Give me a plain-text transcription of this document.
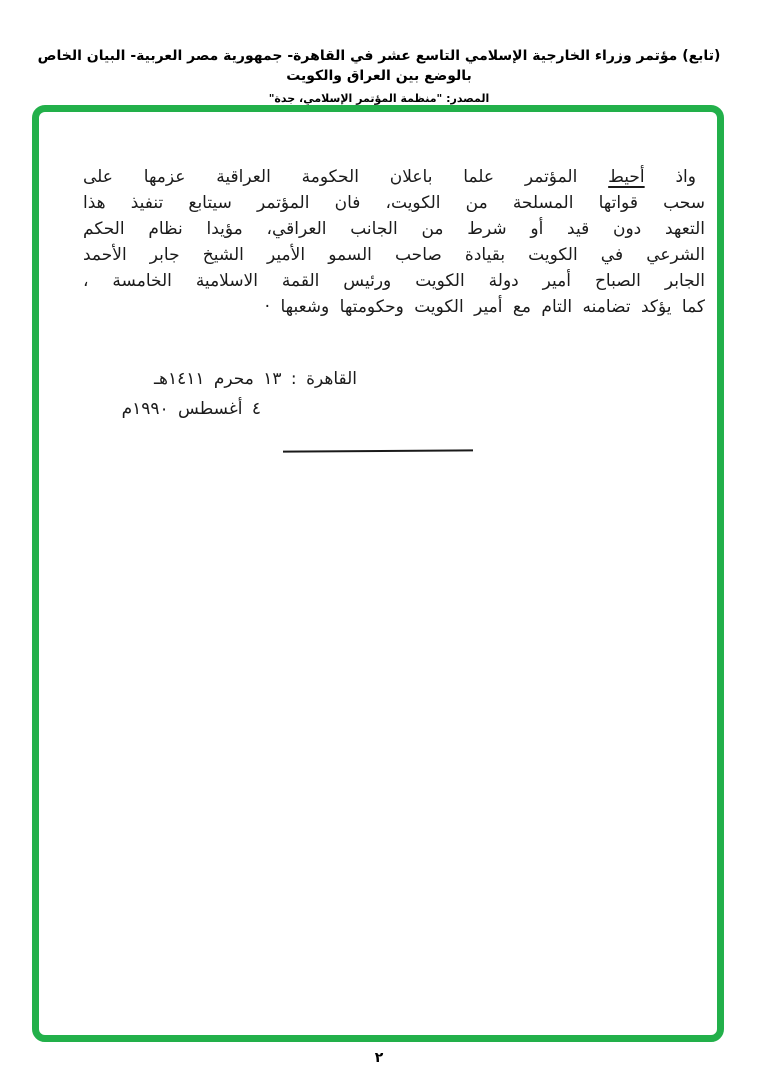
(تابع) مؤتمر وزراء الخارجية الإسلامي التاسع عشر في القاهرة- جمهورية مصر العربية- البيان الخاص بالوضع بين العراق والكويت
المصدر: "منظمة المؤتمر الإسلامي، جدة"
واذ أحيط المؤتمر علما باعلان الحكومة العراقية عزمها على
سحب قواتها المسلحة من الكويت، فان المؤتمر سيتابع تنفيذ هذا
التعهد دون قيد أو شرط من الجانب العراقي، مؤيدا نظام الحكم
الشرعي في الكويت بقيادة صاحب السمو الأمير الشيخ جابر الأحمد
الجابر الصباح أمير دولة الكويت ورئيس القمة الاسلامية الخامسة ،
كما يؤكد تضامنه التام مع أمير الكويت وحكومتها وشعبها ·
القاهرة : ١٣ محرم ١٤١١هـ
٤ أغسطس ١٩٩٠م
٢
